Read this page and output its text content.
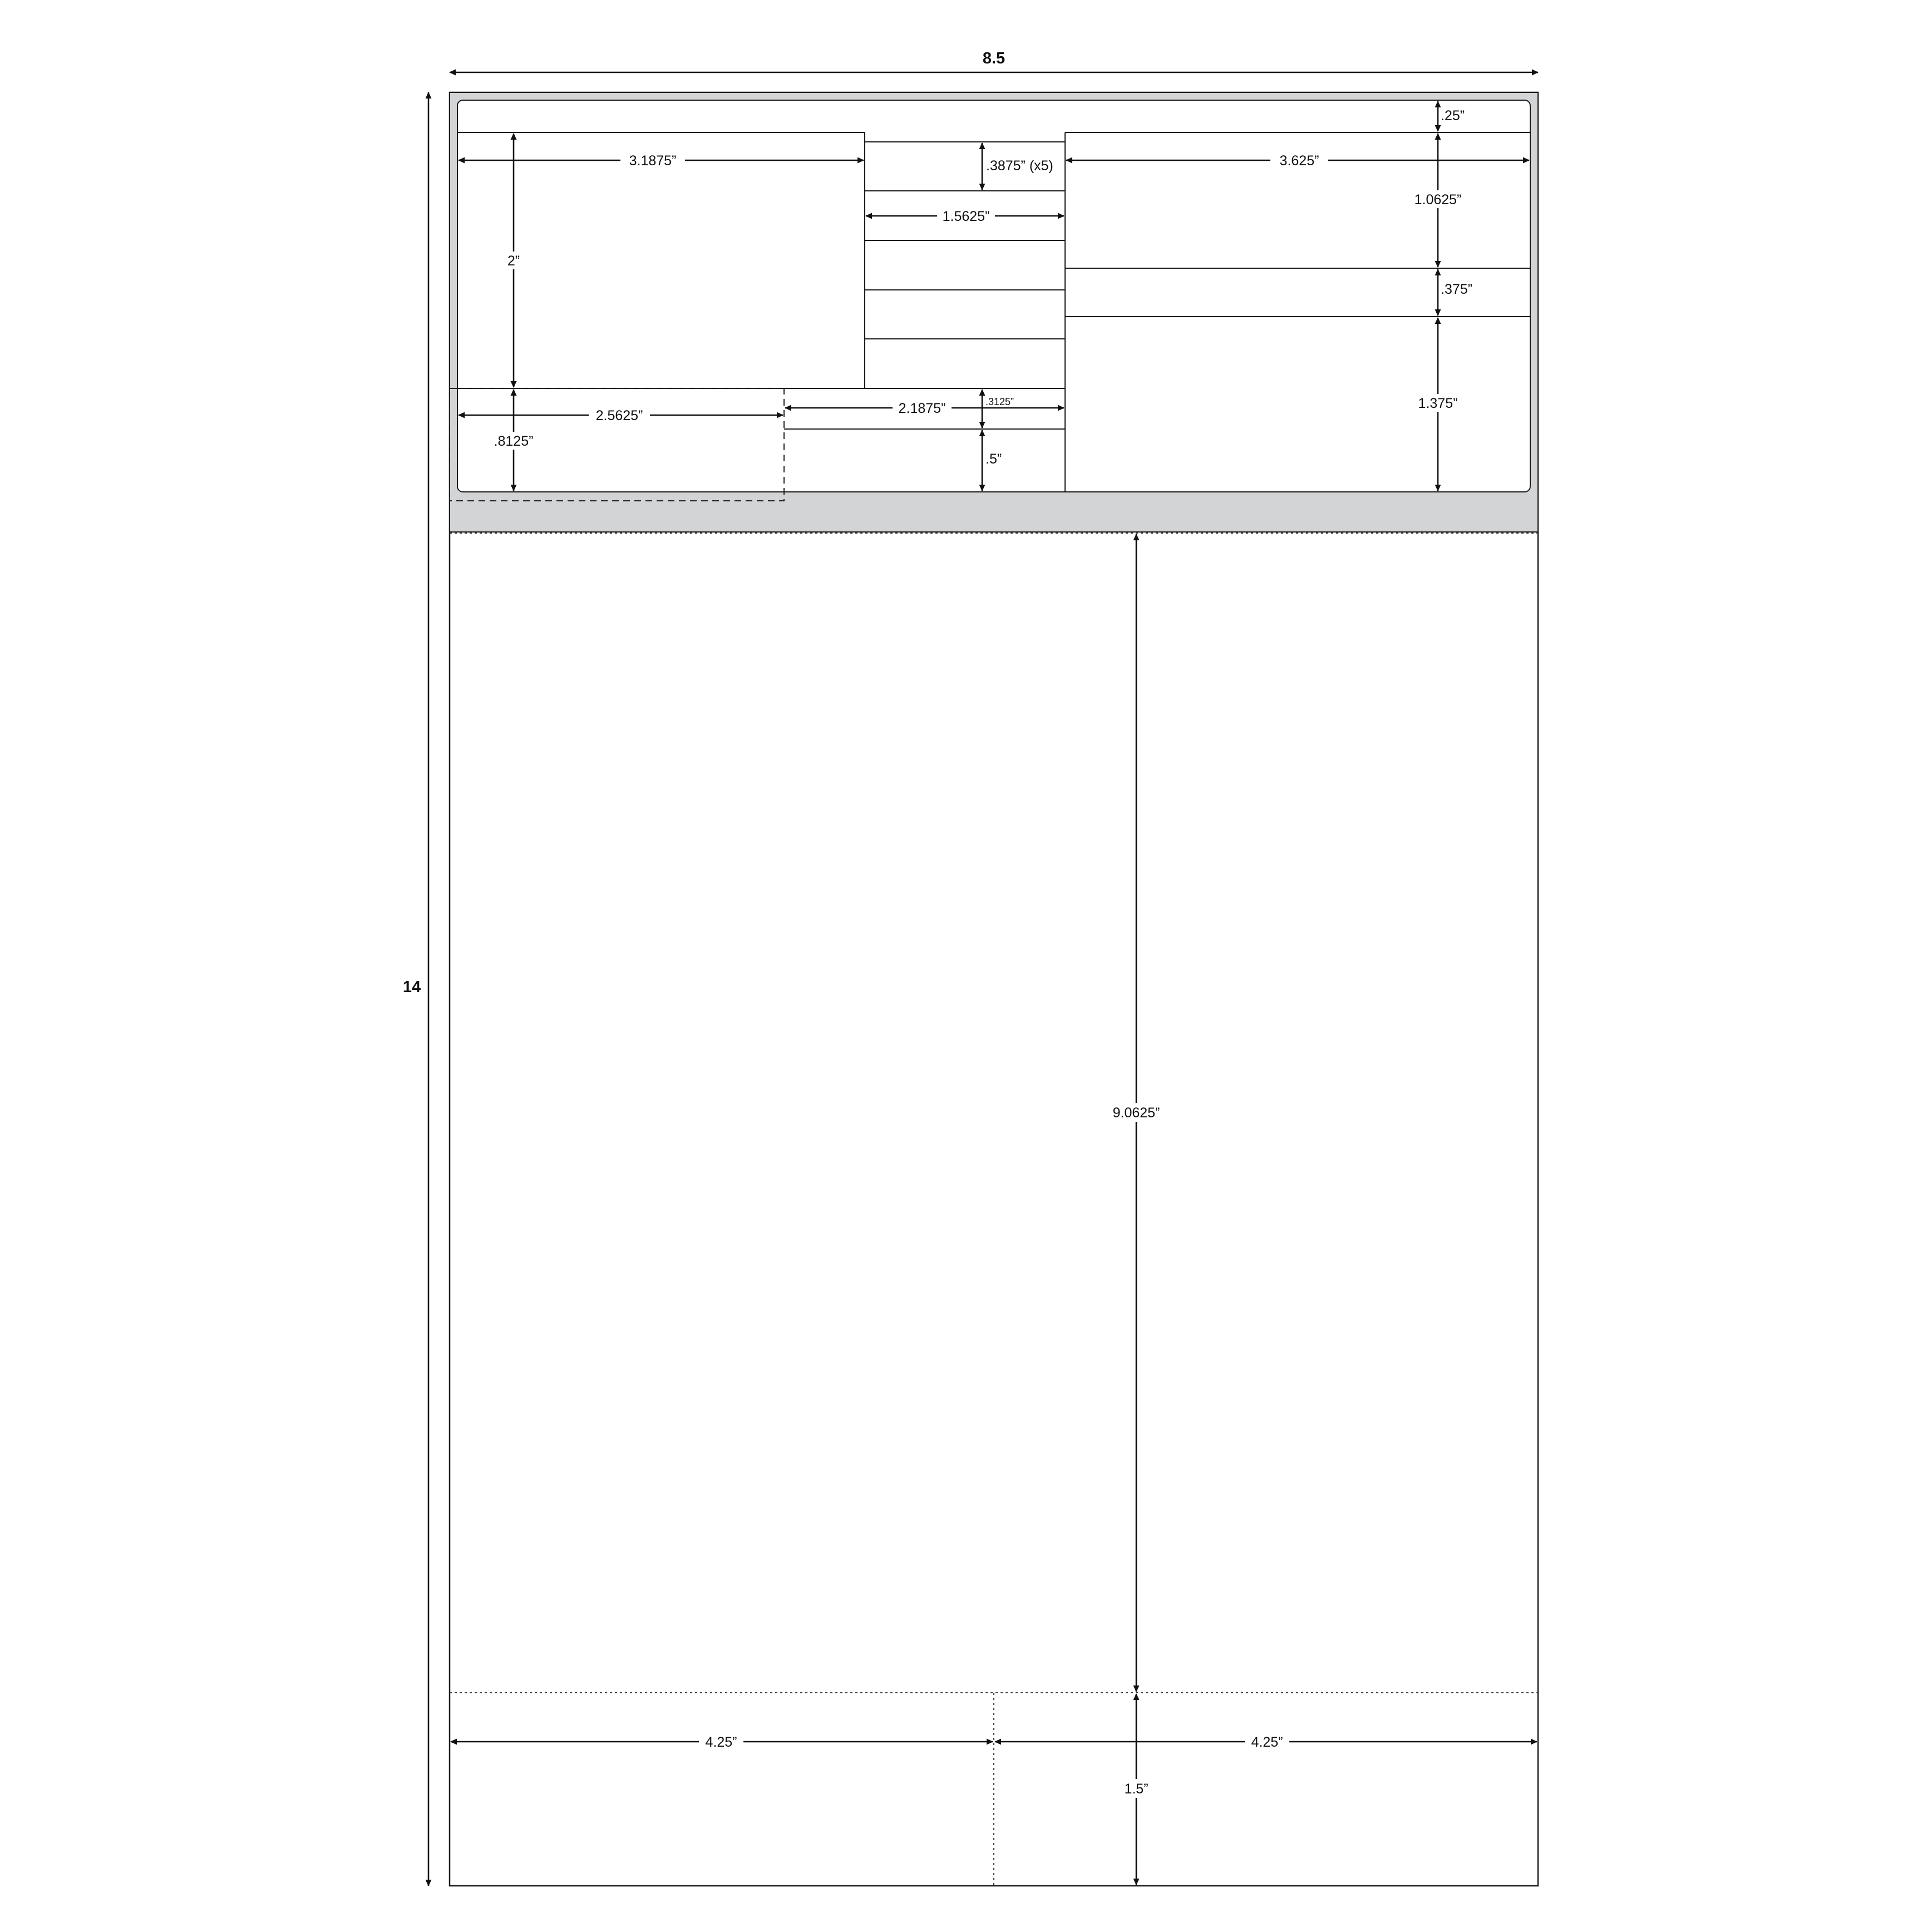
8.5
14
.25”
3.1875”
2”
.3875” (x5)
1.5625”
3.625”
1.0625”
.375”
1.375”
2.5625”
.8125”
2.1875”	.3125”
.5”
9.0625”
1.5”
4.25”	4.25”
